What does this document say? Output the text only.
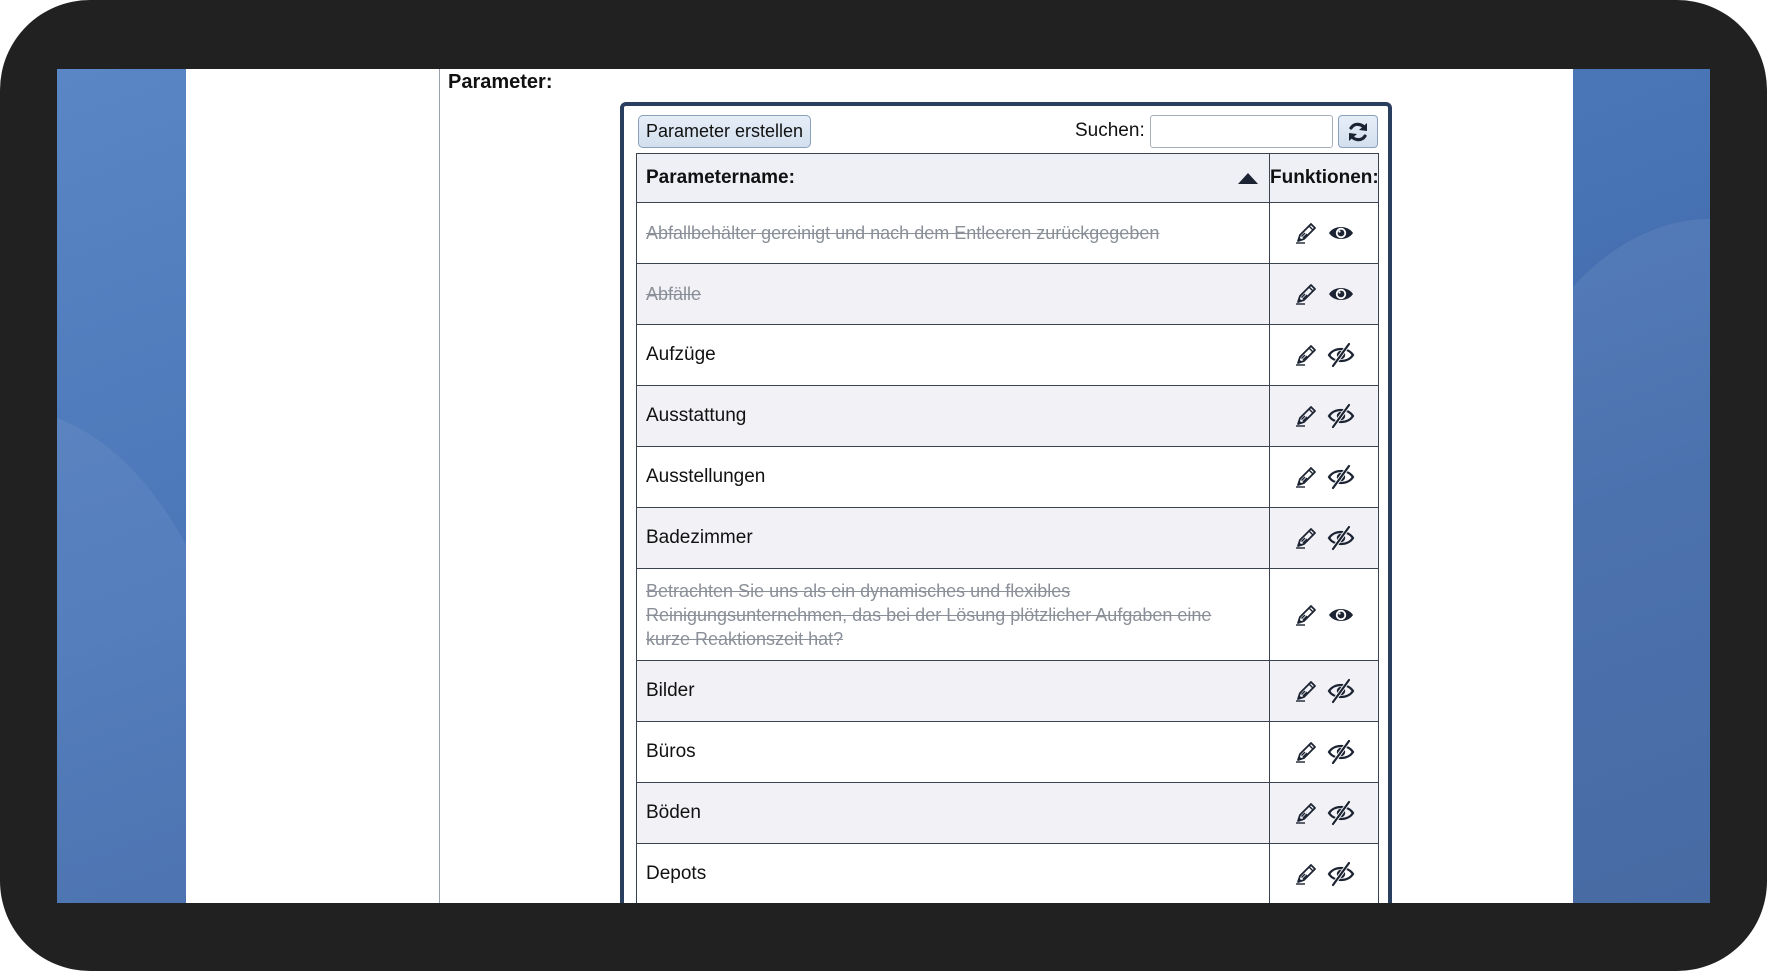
Parameter:
Parameter erstellen	Suchen:
Parametername:	Funktionen:
Abfallbehälter gereinigt und nach dem Entleeren zurückgegeben	

Abfälle	

Aufzüge	

Ausstattung	

Ausstellungen	

Badezimmer	

Betrachten Sie uns als ein dynamisches und flexibles Reinigungsunternehmen, das bei der Lösung plötzlicher Aufgaben eine kurze Reaktionszeit hat?	

Bilder	

Büros	

Böden	

Depots	
